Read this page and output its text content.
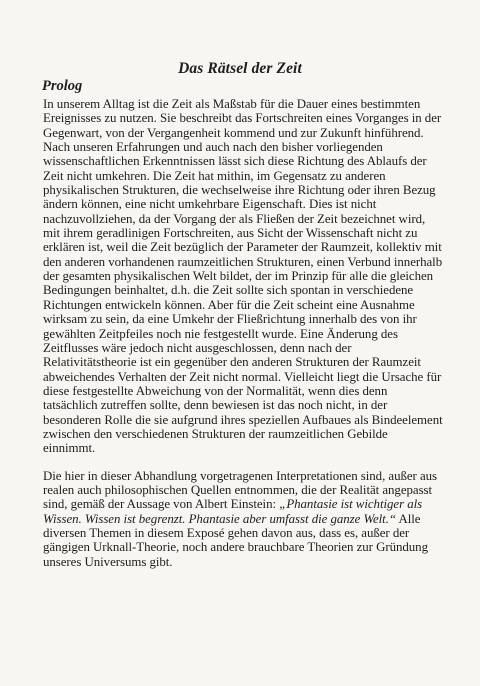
Das Rätsel der Zeit
Prolog

In unserem Alltag ist die Zeit als Maßstab für die Dauer eines bestimmten Ereignisses zu nutzen. Sie beschreibt das Fortschreiten eines Vorganges in der Gegenwart, von der Vergangenheit kommend und zur Zukunft hinführend. Nach unseren Erfahrungen und auch nach den bisher vorliegenden wissenschaftlichen Erkenntnissen lässt sich diese Richtung des Ablaufs der Zeit nicht umkehren. Die Zeit hat mithin, im Gegensatz zu anderen physikalischen Strukturen, die wechselweise ihre Richtung oder ihren Bezug ändern können, eine nicht umkehrbare Eigenschaft. Dies ist nicht nachzuvollziehen, da der Vorgang der als Fließen der Zeit bezeichnet wird, mit ihrem geradlinigen Fortschreiten, aus Sicht der Wissenschaft nicht zu erklären ist, weil die Zeit bezüglich der Parameter der Raumzeit, kollektiv mit den anderen vorhandenen raumzeitlichen Strukturen, einen Verbund innerhalb der gesamten physikalischen Welt bildet, der im Prinzip für alle die gleichen Bedingungen beinhaltet, d.h. die Zeit sollte sich spontan in verschiedene Richtungen entwickeln können. Aber für die Zeit scheint eine Ausnahme wirksam zu sein, da eine Umkehr der Fließrichtung innerhalb des von ihr gewählten Zeitpfeiles noch nie festgestellt wurde. Eine Änderung des Zeitflusses wäre jedoch nicht ausgeschlossen, denn nach der Relativitätstheorie ist ein gegenüber den anderen Strukturen der Raumzeit abweichendes Verhalten der Zeit nicht normal. Vielleicht liegt die Ursache für diese festgestellte Abweichung von der Normalität, wenn dies denn tatsächlich zutreffen sollte, denn bewiesen ist das noch nicht, in der besonderen Rolle die sie aufgrund ihres speziellen Aufbaues als Bindeelement zwischen den verschiedenen Strukturen der raumzeitlichen Gebilde einnimmt.

Die hier in dieser Abhandlung vorgetragenen Interpretationen sind, außer aus realen auch philosophischen Quellen entnommen, die der Realität angepasst sind, gemäß der Aussage von Albert Einstein: „Phantasie ist wichtiger als Wissen. Wissen ist begrenzt. Phantasie aber umfasst die ganze Welt.“ Alle diversen Themen in diesem Exposé gehen davon aus, dass es, außer der gängigen Urknall-Theorie, noch andere brauchbare Theorien zur Gründung unseres Universums gibt.
